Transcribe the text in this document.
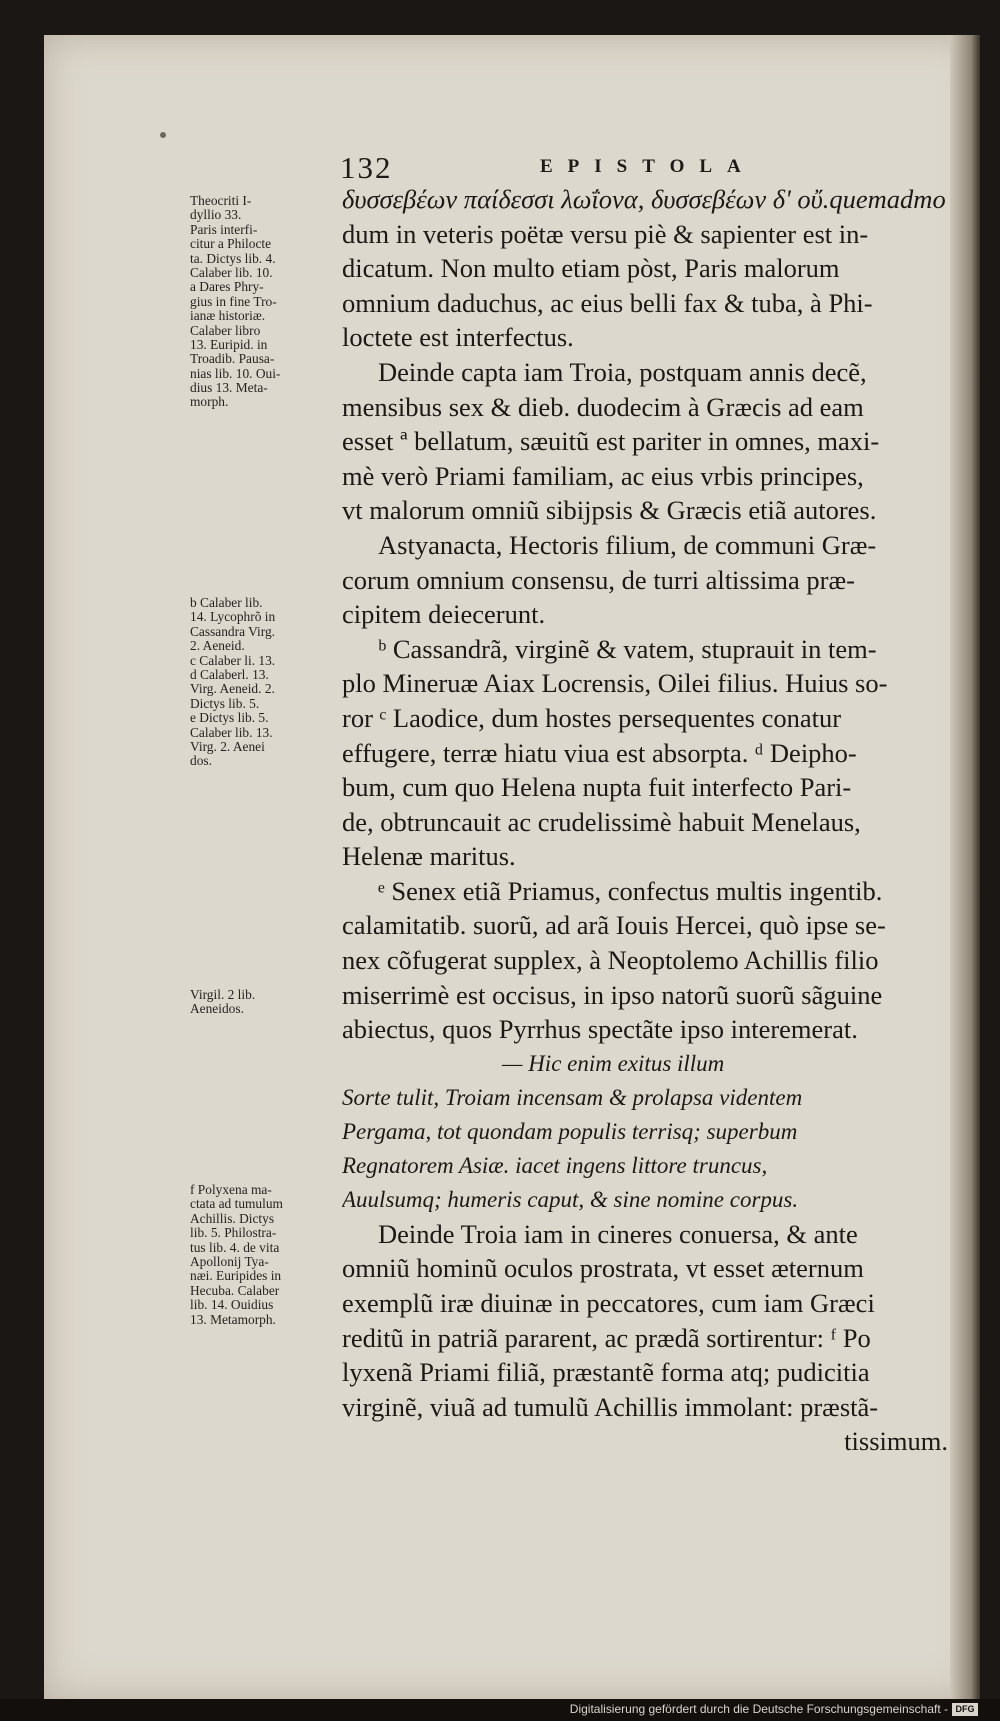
132	EPISTOLA
Theocriti I-
dyllio 33.
Paris interfi-
citur a Philocte
ta. Dictys lib. 4.
Calaber lib. 10.
a Dares Phry-
gius in fine Tro-
ianæ historiæ.
Calaber libro
13. Euripid. in
Troadib. Pausa-
nias lib. 10. Oui-
dius 13. Meta-
morph.
b Calaber lib.
14. Lycophrõ in
Cassandra Virg.
2. Aeneid.
c Calaber li. 13.
d Calaberl. 13.
Virg. Aeneid. 2.
Dictys lib. 5.
e Dictys lib. 5.
Calaber lib. 13.
Virg. 2. Aenei
dos.
Virgil. 2 lib.
Aeneidos.
f Polyxena ma-
ctata ad tumulum
Achillis. Dictys
lib. 5. Philostra-
tus lib. 4. de vita
Apollonij Tya-
næi. Euripides in
Hecuba. Calaber
lib. 14. Ouidius
13. Metamorph.
δυσσεβέων παίδεσσι λωΐονα, δυσσεβέων δ' οὔ.quemadmo
dum in veteris poëtæ versu piè & sapienter est in-
dicatum. Non multo etiam pòst, Paris malorum
omnium daduchus, ac eius belli fax & tuba, à Phi-
loctete est interfectus.
Deinde capta iam Troia, postquam annis decẽ,
mensibus sex & dieb. duodecim à Græcis ad eam
esset ª bellatum, sæuitũ est pariter in omnes, maxi-
mè verò Priami familiam, ac eius vrbis principes,
vt malorum omniũ sibijpsis & Græcis etiã autores.
Astyanacta, Hectoris filium, de communi Græ-
corum omnium consensu, de turri altissima præ-
cipitem deiecerunt.
ᵇ Cassandrã, virginẽ & vatem, stuprauit in tem-
plo Mineruæ Aiax Locrensis, Oilei filius. Huius so-
ror ᶜ Laodice, dum hostes persequentes conatur
effugere, terræ hiatu viua est absorpta. ᵈ Deipho-
bum, cum quo Helena nupta fuit interfecto Pari-
de, obtruncauit ac crudelissimè habuit Menelaus,
Helenæ maritus.
ᵉ Senex etiã Priamus, confectus multis ingentib.
calamitatib. suorũ, ad arã Iouis Hercei, quò ipse se-
nex cõfugerat supplex, à Neoptolemo Achillis filio
miserrimè est occisus, in ipso natorũ suorũ sãguine
abiectus, quos Pyrrhus spectãte ipso interemerat.
— Hic enim exitus illum
Sorte tulit, Troiam incensam & prolapsa videntem
Pergama, tot quondam populis terrisq; superbum
Regnatorem Asiæ. iacet ingens littore truncus,
Auulsumq; humeris caput, & sine nomine corpus.
Deinde Troia iam in cineres conuersa, & ante
omniũ hominũ oculos prostrata, vt esset æternum
exemplũ iræ diuinæ in peccatores, cum iam Græci
reditũ in patriã pararent, ac prædã sortirentur: ᶠ Po
lyxenã Priami filiã, præstantẽ forma atq; pudicitia
virginẽ, viuã ad tumulũ Achillis immolant: præstã-
tissimum.
Digitalisierung gefördert durch die Deutsche Forschungsgemeinschaft - DFG
